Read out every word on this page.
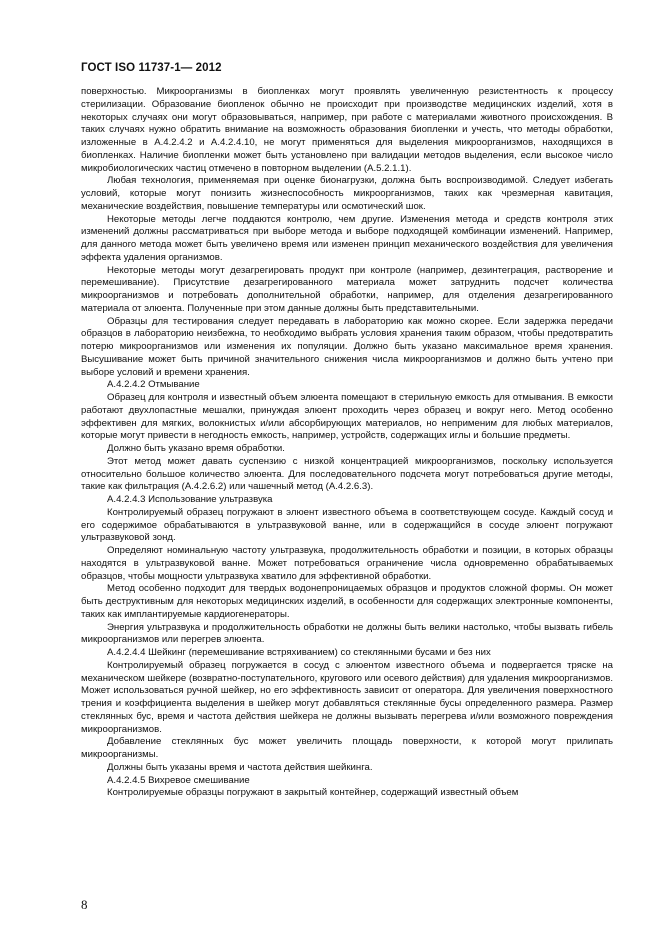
ГОСТ ISO 11737-1— 2012

поверхностью. Микроорганизмы в биопленках могут проявлять увеличенную резистентность к процессу стерилизации. Образование биопленок обычно не происходит при производстве медицинских изделий, хотя в некоторых случаях они могут образовываться, например, при работе с материалами животного происхождения. В таких случаях нужно обратить внимание на возможность образования биопленки и учесть, что методы обработки, изложенные в А.4.2.4.2 и А.4.2.4.10, не могут применяться для выделения микроорганизмов, находящихся в биопленках. Наличие биопленки может быть установлено при валидации методов выделения, если высокое число микробиологических частиц отмечено в повторном выделении (А.5.2.1.1).

Любая технология, применяемая при оценке бионагрузки, должна быть воспроизводимой. Следует избегать условий, которые могут понизить жизнеспособность микроорганизмов, таких как чрезмерная кавитация, механические воздействия, повышение температуры или осмотический шок.

Некоторые методы легче поддаются контролю, чем другие. Изменения метода и средств контроля этих изменений должны рассматриваться при выборе метода и выборе подходящей комбинации изменений. Например, для данного метода может быть увеличено время или изменен принцип механического воздействия для увеличения эффекта удаления организмов.

Некоторые методы могут дезагрегировать продукт при контроле (например, дезинтеграция, растворение и перемешивание). Присутствие дезагрегированного материала может затруднить подсчет количества микроорганизмов и потребовать дополнительной обработки, например, для отделения дезагрегированного материала от элюента. Полученные при этом данные должны быть представительными.

Образцы для тестирования следует передавать в лабораторию как можно скорее. Если задержка передачи образцов в лабораторию неизбежна, то необходимо выбрать условия хранения таким образом, чтобы предотвратить потерю микроорганизмов или изменения их популяции. Должно быть указано максимальное время хранения. Высушивание может быть причиной значительного снижения числа микроорганизмов и должно быть учтено при выборе условий и времени хранения.

А.4.2.4.2 Отмывание

Образец для контроля и известный объем элюента помещают в стерильную емкость для отмывания. В емкости работают двухлопастные мешалки, принуждая элюент проходить через образец и вокруг него. Метод особенно эффективен для мягких, волокнистых и/или абсорбирующих материалов, но неприменим для любых материалов, которые могут привести в негодность емкость, например, устройств, содержащих иглы и большие предметы.

Должно быть указано время обработки.

Этот метод может давать суспензию с низкой концентрацией микроорганизмов, поскольку используется относительно большое количество элюента. Для последовательного подсчета могут потребоваться другие методы, такие как фильтрация (А.4.2.6.2) или чашечный метод (А.4.2.6.3).

А.4.2.4.3 Использование ультразвука

Контролируемый образец погружают в элюент известного объема в соответствующем сосуде. Каждый сосуд и его содержимое обрабатываются в ультразвуковой ванне, или в содержащийся в сосуде элюент погружают ультразвуковой зонд.

Определяют номинальную частоту ультразвука, продолжительность обработки и позиции, в которых образцы находятся в ультразвуковой ванне. Может потребоваться ограничение числа одновременно обрабатываемых образцов, чтобы мощности ультразвука хватило для эффективной обработки.

Метод особенно подходит для твердых водонепроницаемых образцов и продуктов сложной формы. Он может быть деструктивным для некоторых медицинских изделий, в особенности для содержащих электронные компоненты, таких как имплантируемые кардиогенераторы.

Энергия ультразвука и продолжительность обработки не должны быть велики настолько, чтобы вызвать гибель микроорганизмов или перегрев элюента.

А.4.2.4.4 Шейкинг (перемешивание встряхиванием) со стеклянными бусами и без них

Контролируемый образец погружается в сосуд с элюентом известного объема и подвергается тряске на механическом шейкере (возвратно-поступательного, кругового или осевого действия) для удаления микроорганизмов. Может использоваться ручной шейкер, но его эффективность зависит от оператора. Для увеличения поверхностного трения и коэффициента выделения в шейкер могут добавляться стеклянные бусы определенного размера. Размер стеклянных бус, время и частота действия шейкера не должны вызывать перегрева и/или возможного повреждения микроорганизмов.

Добавление стеклянных бус может увеличить площадь поверхности, к которой могут прилипать микроорганизмы.

Должны быть указаны время и частота действия шейкинга.

А.4.2.4.5 Вихревое смешивание

Контролируемые образцы погружают в закрытый контейнер, содержащий известный объем

8
